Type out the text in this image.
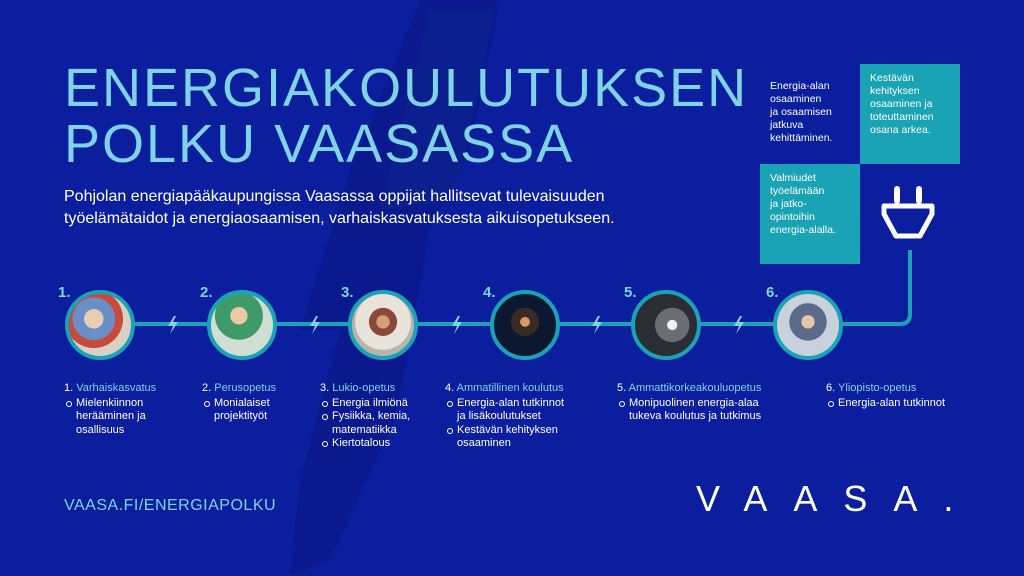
ENERGIAKOULUTUKSEN
POLKU VAASASSA
Pohjolan energiapääkaupungissa Vaasassa oppijat hallitsevat tulevaisuuden
työelämätaidot ja energiaosaamisen, varhaiskasvatuksesta aikuisopetukseen.
Energia-alan
osaaminen
ja osaamisen
jatkuva
kehittäminen.
Kestävän
kehityksen
osaaminen ja
toteuttaminen
osana arkea.
Valmiudet
työelämään
ja jatko-
opintoihin
energia-alalla.
1.	2.	3.	4.	5.	6.
1. Varhaiskasvatus
Mielenkiinnon
herääminen ja
osallisuus
2. Perusopetus
Monialaiset
projektityöt
3. Lukio-opetus
Energia ilmiönä
Fysiikka, kemia,
matematiikka
Kiertotalous
4. Ammatillinen koulutus
Energia-alan tutkinnot
ja lisäkoulutukset
Kestävän kehityksen
osaaminen
5. Ammattikorkeakouluopetus
Monipuolinen energia-alaa
tukeva koulutus ja tutkimus
6. Yliopisto-opetus
Energia-alan tutkinnot
VAASA.FI/ENERGIAPOLKU	VAASA.
